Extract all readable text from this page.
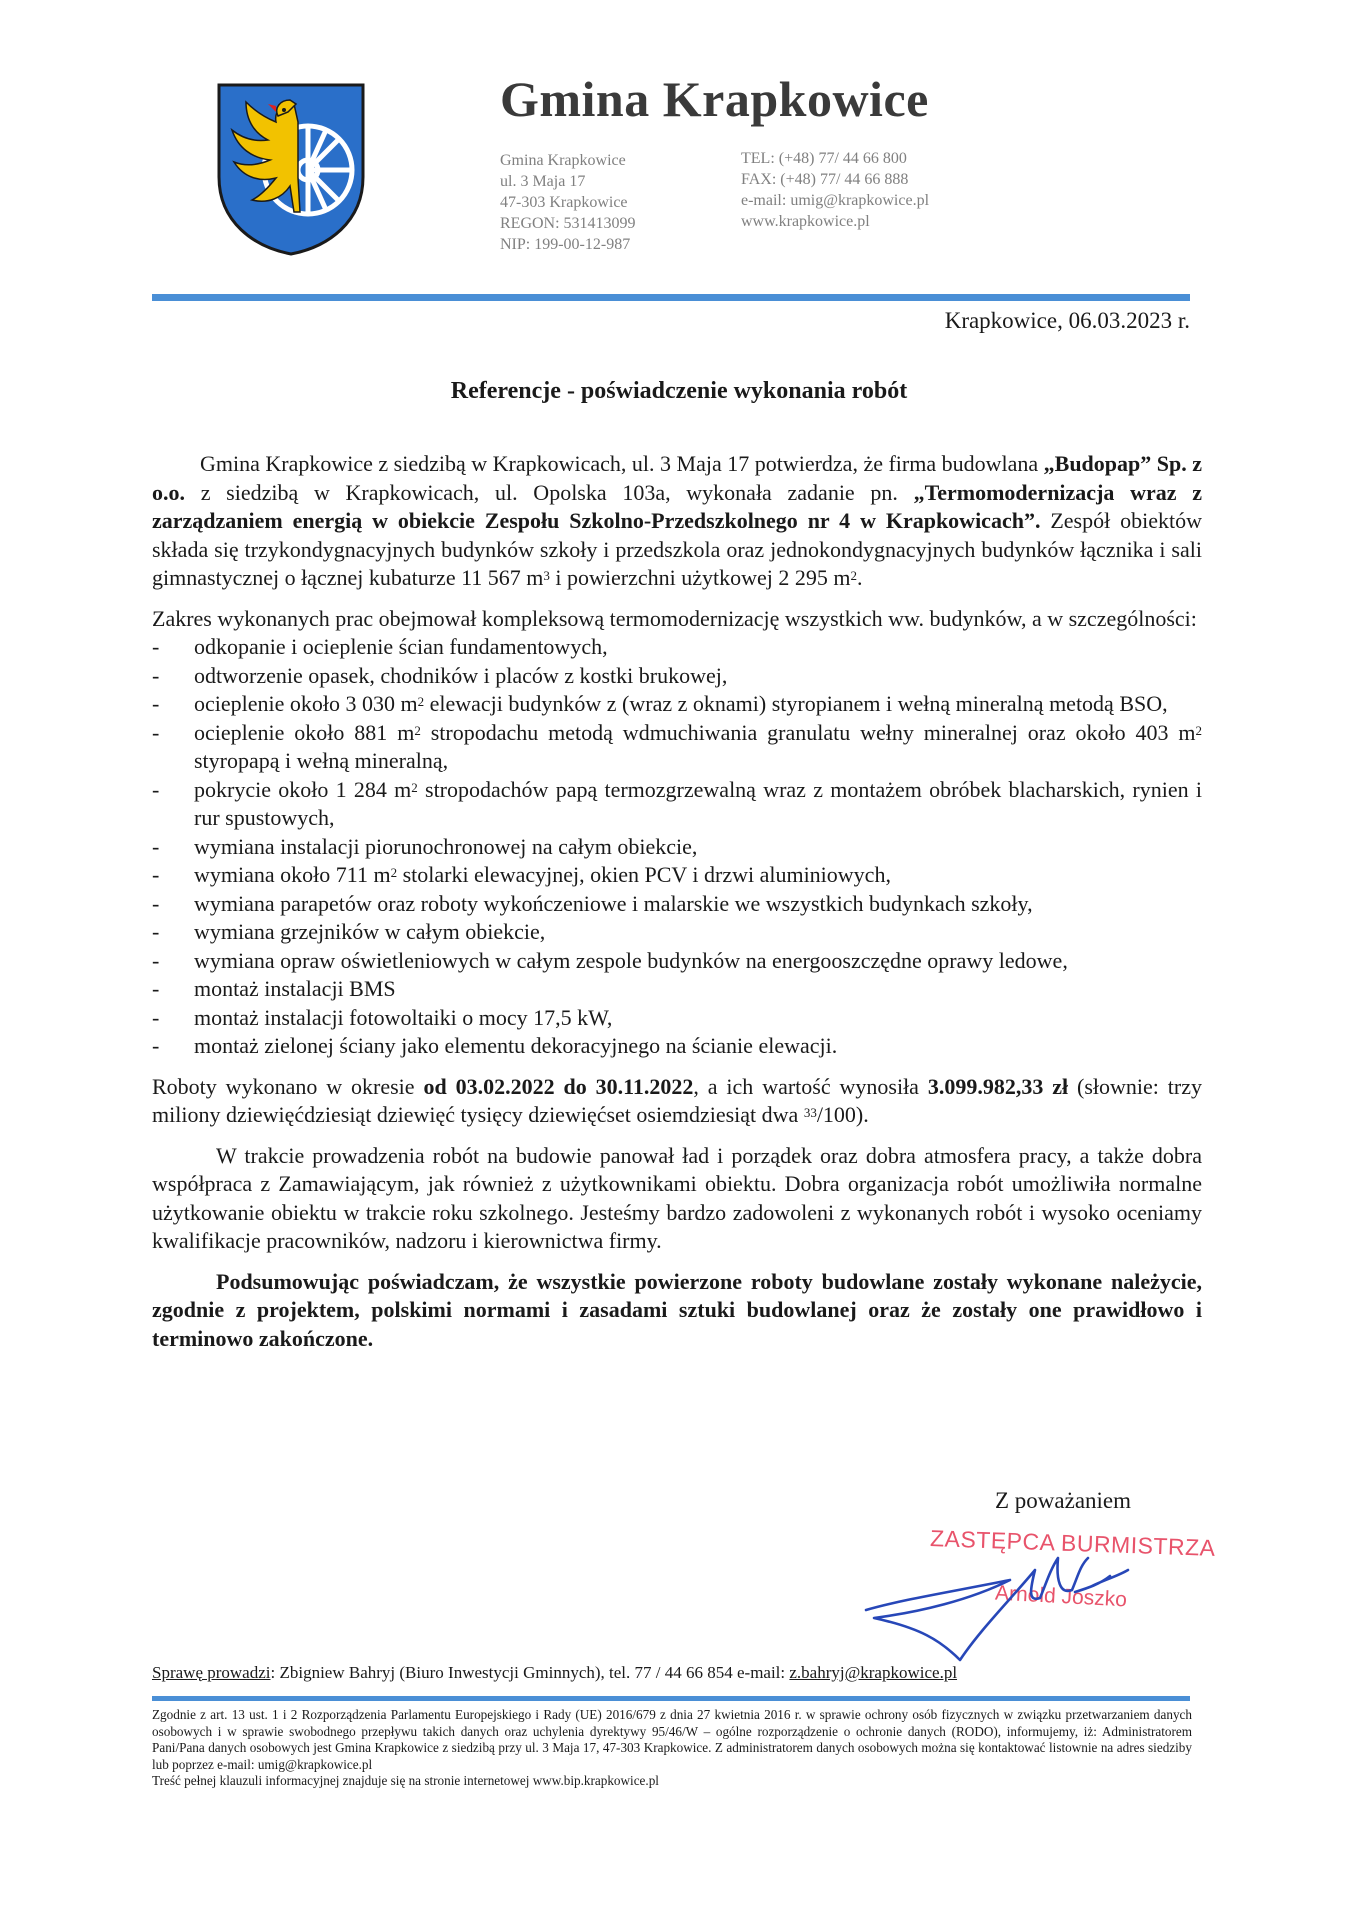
Gmina Krapkowice
Gmina Krapkowice
ul. 3 Maja 17
47-303 Krapkowice
REGON: 531413099
NIP: 199-00-12-987
TEL: (+48) 77/ 44 66 800
FAX: (+48) 77/ 44 66 888
e-mail: umig@krapkowice.pl
www.krapkowice.pl
Krapkowice, 06.03.2023 r.
Referencje - poświadczenie wykonania robót

Gmina Krapkowice z siedzibą w Krapkowicach, ul. 3 Maja 17 potwierdza, że firma budowlana „Budopap” Sp. z o.o. z siedzibą w Krapkowicach, ul. Opolska 103a, wykonała zadanie pn. „Termomodernizacja wraz z zarządzaniem energią w obiekcie Zespołu Szkolno-Przedszkolnego nr 4 w Krapkowicach”. Zespół obiektów składa się trzykondygnacyjnych budynków szkoły i przedszkola oraz jednokondygnacyjnych budynków łącznika i sali gimnastycznej o łącznej kubaturze 11 567 $m^3$ i powierzchni użytkowej 2 295 $m^2$.

Zakres wykonanych prac obejmował kompleksową termomodernizację wszystkich ww. budynków, a w szczególności:

- odkopanie i ocieplenie ścian fundamentowych,
- odtworzenie opasek, chodników i placów z kostki brukowej,
- ocieplenie około 3 030 $m^2$ elewacji budynków z (wraz z oknami) styropianem i wełną mineralną metodą BSO,
- ocieplenie około 881 $m^2$ stropodachu metodą wdmuchiwania granulatu wełny mineralnej oraz około 403 $m^2$ styropapą i wełną mineralną,
- pokrycie około 1 284 $m^2$ stropodachów papą termozgrzewalną wraz z montażem obróbek blacharskich, rynien i rur spustowych,
- wymiana instalacji piorunochronowej na całym obiekcie,
- wymiana około 711 $m^2$ stolarki elewacyjnej, okien PCV i drzwi aluminiowych,
- wymiana parapetów oraz roboty wykończeniowe i malarskie we wszystkich budynkach szkoły,
- wymiana grzejników w całym obiekcie,
- wymiana opraw oświetleniowych w całym zespole budynków na energooszczędne oprawy ledowe,
- montaż instalacji BMS
- montaż instalacji fotowoltaiki o mocy 17,5 kW,
- montaż zielonej ściany jako elementu dekoracyjnego na ścianie elewacji.

Roboty wykonano w okresie od 03.02.2022 do 30.11.2022, a ich wartość wynosiła 3.099.982,33 zł (słownie: trzy miliony dziewięćdziesiąt dziewięć tysięcy dziewięćset osiemdziesiąt dwa $^{33}$/100).

W trakcie prowadzenia robót na budowie panował ład i porządek oraz dobra atmosfera pracy, a także dobra współpraca z Zamawiającym, jak również z użytkownikami obiektu. Dobra organizacja robót umożliwiła normalne użytkowanie obiektu w trakcie roku szkolnego. Jesteśmy bardzo zadowoleni z wykonanych robót i wysoko oceniamy kwalifikacje pracowników, nadzoru i kierownictwa firmy.

Podsumowując poświadczam, że wszystkie powierzone roboty budowlane zostały wykonane należycie, zgodnie z projektem, polskimi normami i zasadami sztuki budowlanej oraz że zostały one prawidłowo i terminowo zakończone.

Z poważaniem
ZASTĘPCA BURMISTRZA
Arnold Joszko
Sprawę prowadzi: Zbigniew Bahryj (Biuro Inwestycji Gminnych), tel. 77 / 44 66 854 e-mail: z.bahryj@krapkowice.pl

Zgodnie z art. 13 ust. 1 i 2 Rozporządzenia Parlamentu Europejskiego i Rady (UE) 2016/679 z dnia 27 kwietnia 2016 r. w sprawie ochrony osób fizycznych w związku przetwarzaniem danych osobowych i w sprawie swobodnego przepływu takich danych oraz uchylenia dyrektywy 95/46/W – ogólne rozporządzenie o ochronie danych (RODO), informujemy, iż: Administratorem Pani/Pana danych osobowych jest Gmina Krapkowice z siedzibą przy ul. 3 Maja 17, 47-303 Krapkowice. Z administratorem danych osobowych można się kontaktować listownie na adres siedziby lub poprzez e-mail: umig@krapkowice.pl

Treść pełnej klauzuli informacyjnej znajduje się na stronie internetowej www.bip.krapkowice.pl
